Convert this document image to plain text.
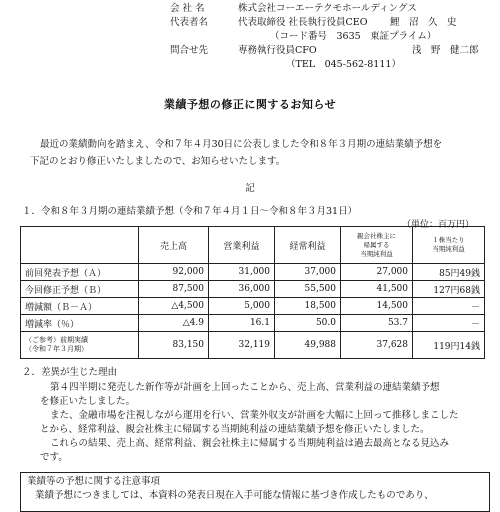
会 社 名	株式会社コーエーテクモホールディングス
代表者名	代表取締役 社長執行役員CEO 鯉　沼　久　史
（コード番号　3635　東証プライム）
問合せ先	専務執行役員CFO	浅　野　健二郎
（TEL　045-562-8111）
業績予想の修正に関するお知らせ
最近の業績動向を踏まえ、令和７年４月30日に公表しました令和８年３月期の連結業績予想を
下記のとおり修正いたしましたので、お知らせいたします。
記
１．令和８年３月期の連結業績予想（令和７年４月１日～令和８年３月31日）
（単位：百万円）
	売上高	営業利益	経常利益	親会社株主に
帰属する
当期純利益	１株当たり
当期純利益

前回発表予想（Ａ）	92,000	31,000	37,000	27,000	85円49銭
今回修正予想（Ｂ）	87,500	36,000	55,500	41,500	127円68銭
増減額（Ｂ－Ａ）	△4,500	5,000	18,500	14,500	－
増減率（％）	△4.9	16.1	50.0	53.7	－

（ご参考）前期実績
（令和７年３月期）	83,150	32,119	49,988	37,628	119円14銭
２．差異が生じた理由
第４四半期に発売した新作等が計画を上回ったことから、売上高、営業利益の連結業績予想
を修正いたしました。
また、金融市場を注視しながら運用を行い、営業外収支が計画を大幅に上回って推移しまこした
とから、経常利益、親会社株主に帰属する当期純利益の連結業績予想を修正いたしました。
これらの結果、売上高、経常利益、親会社株主に帰属する当期純利益は過去最高となる見込み
です。
業績等の予想に関する注意事項
業績予想につきましては、本資料の発表日現在入手可能な情報に基づき作成したものであり、
